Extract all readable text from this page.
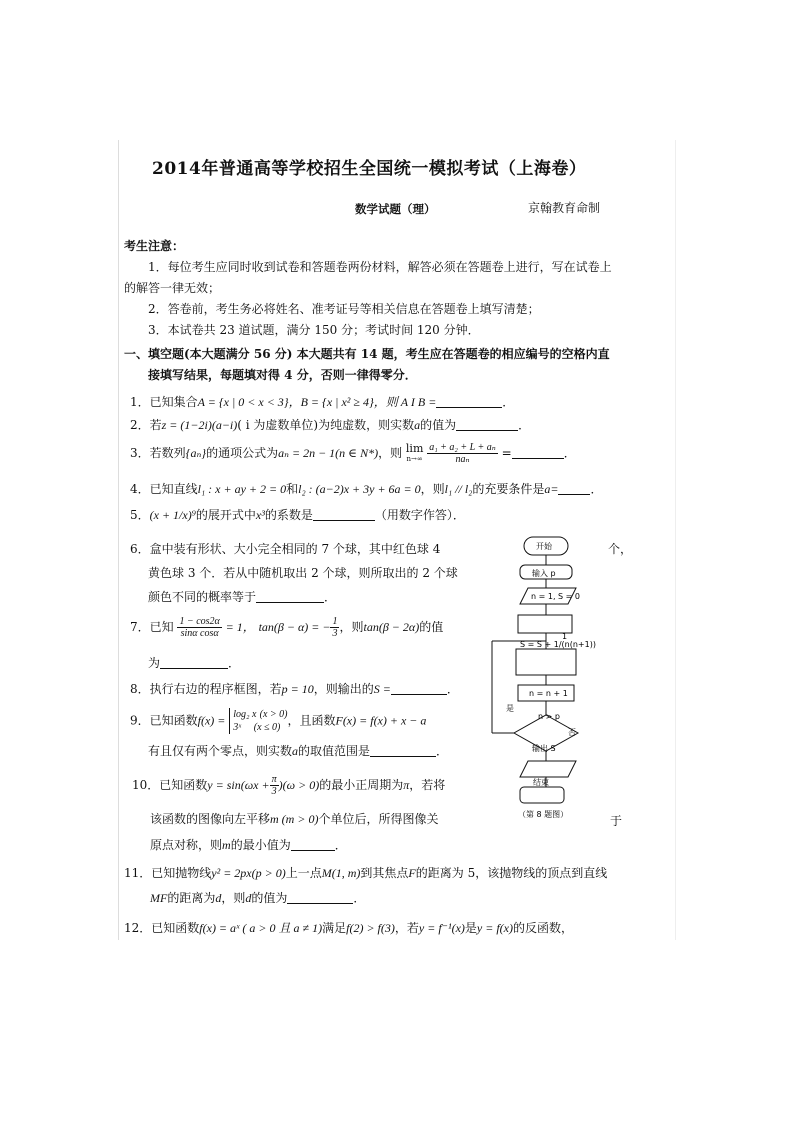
2014年普通高等学校招生全国统一模拟考试（上海卷）
数学试题（理）	京翰教育命制
考生注意：
1．每位考生应同时收到试卷和答题卷两份材料，解答必须在答题卷上进行，写在试卷上
的解答一律无效；
2．答卷前，考生务必将姓名、准考证号等相关信息在答题卷上填写清楚；
3．本试卷共 23 道试题，满分 150 分；考试时间 120 分钟．
一、填空题(本大题满分 56 分) 本大题共有 14 题，考生应在答题卷的相应编号的空格内直
接填写结果，每题填对得 4 分，否则一律得零分．
1．已知集合A = {x | 0 < x < 3}，B = {x | x² ≥ 4}，则 A I B =	．
2．若z = (1−2i)(a−i)( i 为虚数单位)为纯虚数，则实数a的值为	．
3．若数列{aₙ}的通项公式为aₙ = 2n − 1(n ∈ N*)，则 lim
n→∞
$\frac{\text{a₁ + a₂ + L + aₙ}}{\text{naₙ}}$ =	．
4．已知直线l₁ : x + ay + 2 = 0和l₂ : (a−2)x + 3y + 6a = 0，则l₁ // l₂的充要条件是a=	．
5．(x + 1/x)⁹的展开式中x³的系数是	（用数字作答）．
6．盒中装有形状、大小完全相同的 7 个球，其中红色球 4	个，
黄色球 3 个．若从中随机取出 2 个球，则所取出的 2 个球
颜色不同的概率等于	．
7．已知 $\frac{1 - \cos 2\alpha}{\text{sinα cosα}} = 1$， tan(β − α) = − $\frac{1}{3}$ ，则tan(β − 2α)的值
为	．
8．执行右边的程序框图，若p = 10，则输出的S =	．
9．已知函数f(x) = log₂ x (x > 0)
3ˣ (x ≤ 0) ，且函数F(x) = f(x) + x − a
有且仅有两个零点，则实数a的取值范围是	．
10．已知函数$y = \sin(\omega x + \frac{\pi}{3} )(\omega > 0)$的最小正周期为π，若将
该函数的图像向左平移m (m > 0)个单位后，所得图像关	于
原点对称，则m的最小值为	．
11．已知抛物线y² = 2px(p > 0)上一点M(1, m)到其焦点F的距离为 5，该抛物线的顶点到直线
MF的距离为d，则d的值为	．
12．已知函数f(x) = aˣ ( a > 0 且 a ≠ 1)满足f(2) > f(3)，若y = f⁻¹(x)是y = f(x)的反函数，
开始
输入 p
n = 1, S = 0
1
S = S + 1/(n(n+1))
n = n + 1
n > p
是
否
输出 S
结束
（第 8 题图）
